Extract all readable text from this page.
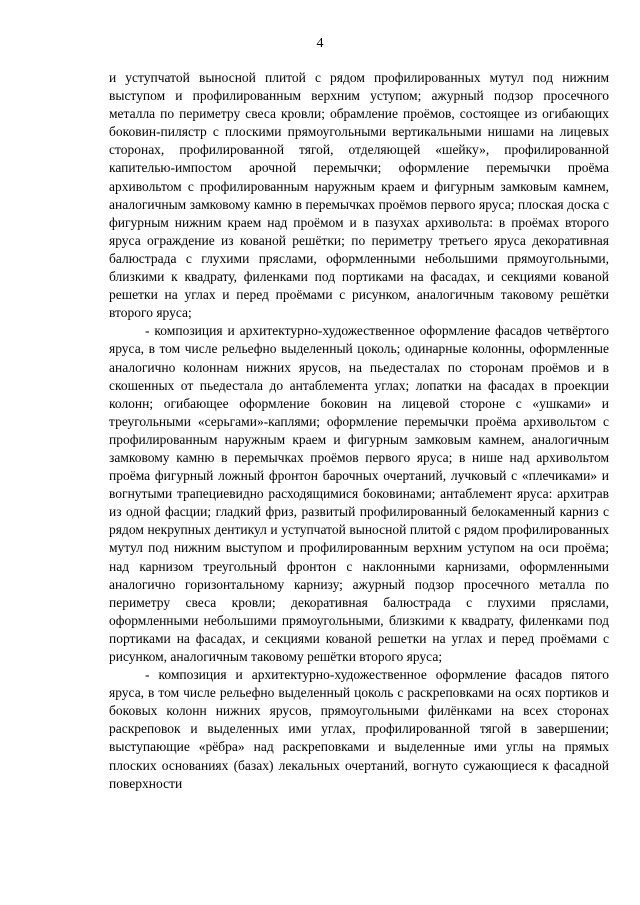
4

и уступчатой выносной плитой с рядом профилированных мутул под нижним выступом и профилированным верхним уступом; ажурный подзор просечного металла по периметру свеса кровли; обрамление проёмов, состоящее из огибающих боковин-пилястр с плоскими прямоугольными вертикальными нишами на лицевых сторонах, профилированной тягой, отделяющей «шейку», профилированной капителью-импостом арочной перемычки; оформление перемычки проёма архивольтом с профилированным наружным краем и фигурным замковым камнем, аналогичным замковому камню в перемычках проёмов первого яруса; плоская доска с фигурным нижним краем над проёмом и в пазухах архивольта: в проёмах второго яруса ограждение из кованой решётки; по периметру третьего яруса декоративная балюстрада с глухими пряслами, оформленными небольшими прямоугольными, близкими к квадрату, филенками под портиками на фасадах, и секциями кованой решетки на углах и перед проёмами с рисунком, аналогичным таковому решётки второго яруса;

- композиция и архитектурно-художественное оформление фасадов четвёртого яруса, в том числе рельефно выделенный цоколь; одинарные колонны, оформленные аналогично колоннам нижних ярусов, на пьедесталах по сторонам проёмов и в скошенных от пьедестала до антаблемента углах; лопатки на фасадах в проекции колонн; огибающее оформление боковин на лицевой стороне с «ушками» и треугольными «серьгами»-каплями; оформление перемычки проёма архивольтом с профилированным наружным краем и фигурным замковым камнем, аналогичным замковому камню в перемычках проёмов первого яруса; в нише над архивольтом проёма фигурный ложный фронтон барочных очертаний, лучковый с «плечиками» и вогнутыми трапециевидно расходящимися боковинами; антаблемент яруса: архитрав из одной фасции; гладкий фриз, развитый профилированный белокаменный карниз с рядом некрупных дентикул и уступчатой выносной плитой с рядом профилированных мутул под нижним выступом и профилированным верхним уступом на оси проёма; над карнизом треугольный фронтон с наклонными карнизами, оформленными аналогично горизонтальному карнизу; ажурный подзор просечного металла по периметру свеса кровли; декоративная балюстрада с глухими пряслами, оформленными небольшими прямоугольными, близкими к квадрату, филенками под портиками на фасадах, и секциями кованой решетки на углах и перед проёмами с рисунком, аналогичным таковому решётки второго яруса;

- композиция и архитектурно-художественное оформление фасадов пятого яруса, в том числе рельефно выделенный цоколь с раскреповками на осях портиков и боковых колонн нижних ярусов, прямоугольными филёнками на всех сторонах раскреповок и выделенных ими углах, профилированной тягой в завершении; выступающие «рёбра» над раскреповками и выделенные ими углы на прямых плоских основаниях (базах) лекальных очертаний, вогнуто сужающиеся к фасадной поверхности
